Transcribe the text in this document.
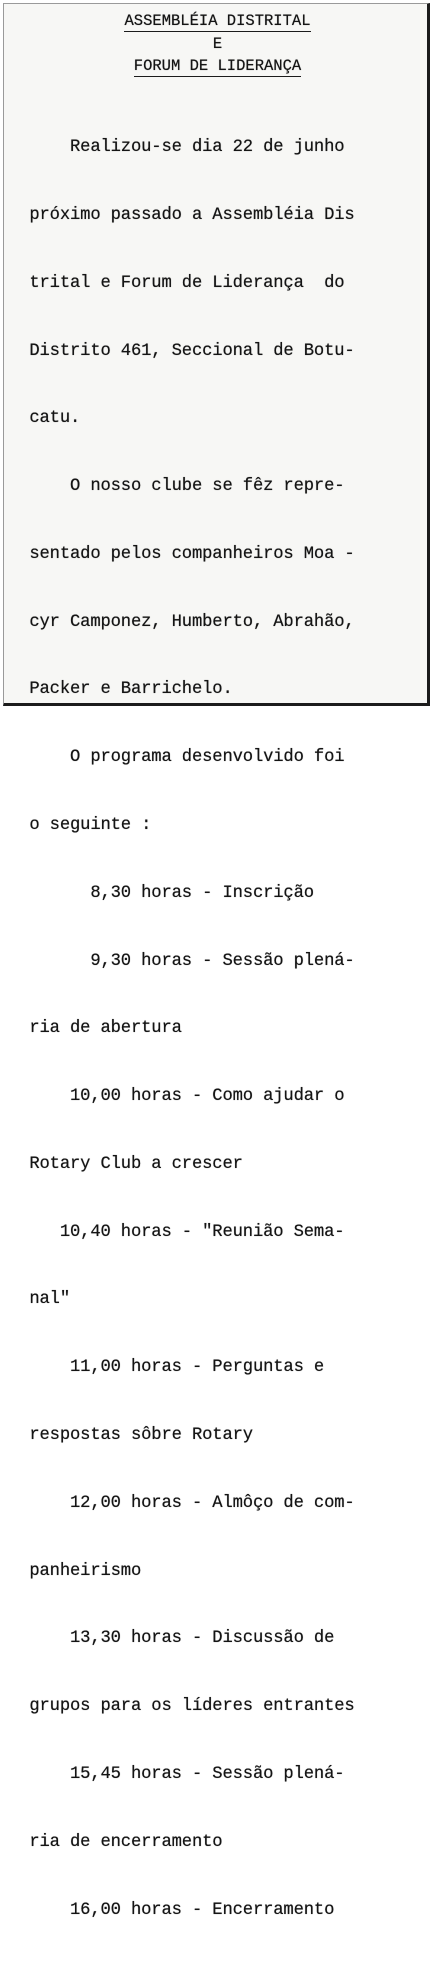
ASSEMBLÉIA DISTRITAL
E
FORUM DE LIDERANÇA

Realizou-se dia 22 de junho

próximo passado a Assembléia Dis

trital e Forum de Liderança  do

Distrito 461, Seccional de Botu-

catu.

O nosso clube se fêz repre-

sentado pelos companheiros Moa -

cyr Camponez, Humberto, Abrahão,

Packer e Barrichelo.

O programa desenvolvido foi

o seguinte :

8,30 horas - Inscrição

9,30 horas - Sessão plená-

ria de abertura

10,00 horas - Como ajudar o

Rotary Club a crescer

10,40 horas - "Reunião Sema-

nal"

11,00 horas - Perguntas e

respostas sôbre Rotary

12,00 horas - Almôço de com-

panheirismo

13,30 horas - Discussão de

grupos para os líderes entrantes

15,45 horas - Sessão plená-

ria de encerramento

16,00 horas - Encerramento
